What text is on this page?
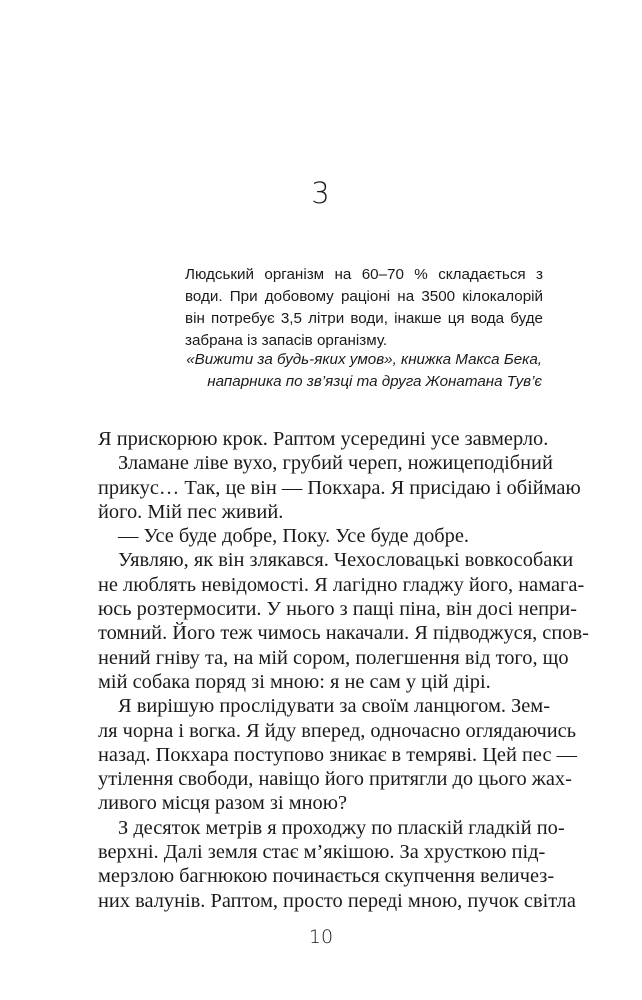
3

Людський організм на 60–70 % складається з води. При добовому раціоні на 3500 кілокалорій він потребує 3,5 літри води, інакше ця вода буде забрана із запасів організму.

«Вижити за будь-яких умов», книжка Макса Бека,
напарника по зв’язці та друга Жонатана Тув’є
Я прискорюю крок. Раптом усередині усе завмерло.
Зламане ліве вухо, грубий череп, ножицеподібний
прикус… Так, це він — Покхара. Я присідаю і обіймаю
його. Мій пес живий.
— Усе буде добре, Поку. Усе буде добре.
Уявляю, як він злякався. Чехословацькі вовкособаки
не люблять невідомості. Я лагідно гладжу його, намага-
юсь розтермосити. У нього з пащі піна, він досі непри-
томний. Його теж чимось накачали. Я підводжуся, спов-
нений гніву та, на мій сором, полегшення від того, що
мій собака поряд зі мною: я не сам у цій дірі.
Я вирішую прослідувати за своїм ланцюгом. Зем-
ля чорна і вогка. Я йду вперед, одночасно оглядаючись
назад. Покхара поступово зникає в темряві. Цей пес —
утілення свободи, навіщо його притягли до цього жах-
ливого місця разом зі мною?
З десяток метрів я проходжу по пласкій гладкій по-
верхні. Далі земля стає м’якішою. За хрусткою під-
мерзлою багнюкою починається скупчення величез-
них валунів. Раптом, просто переді мною, пучок світла
10
